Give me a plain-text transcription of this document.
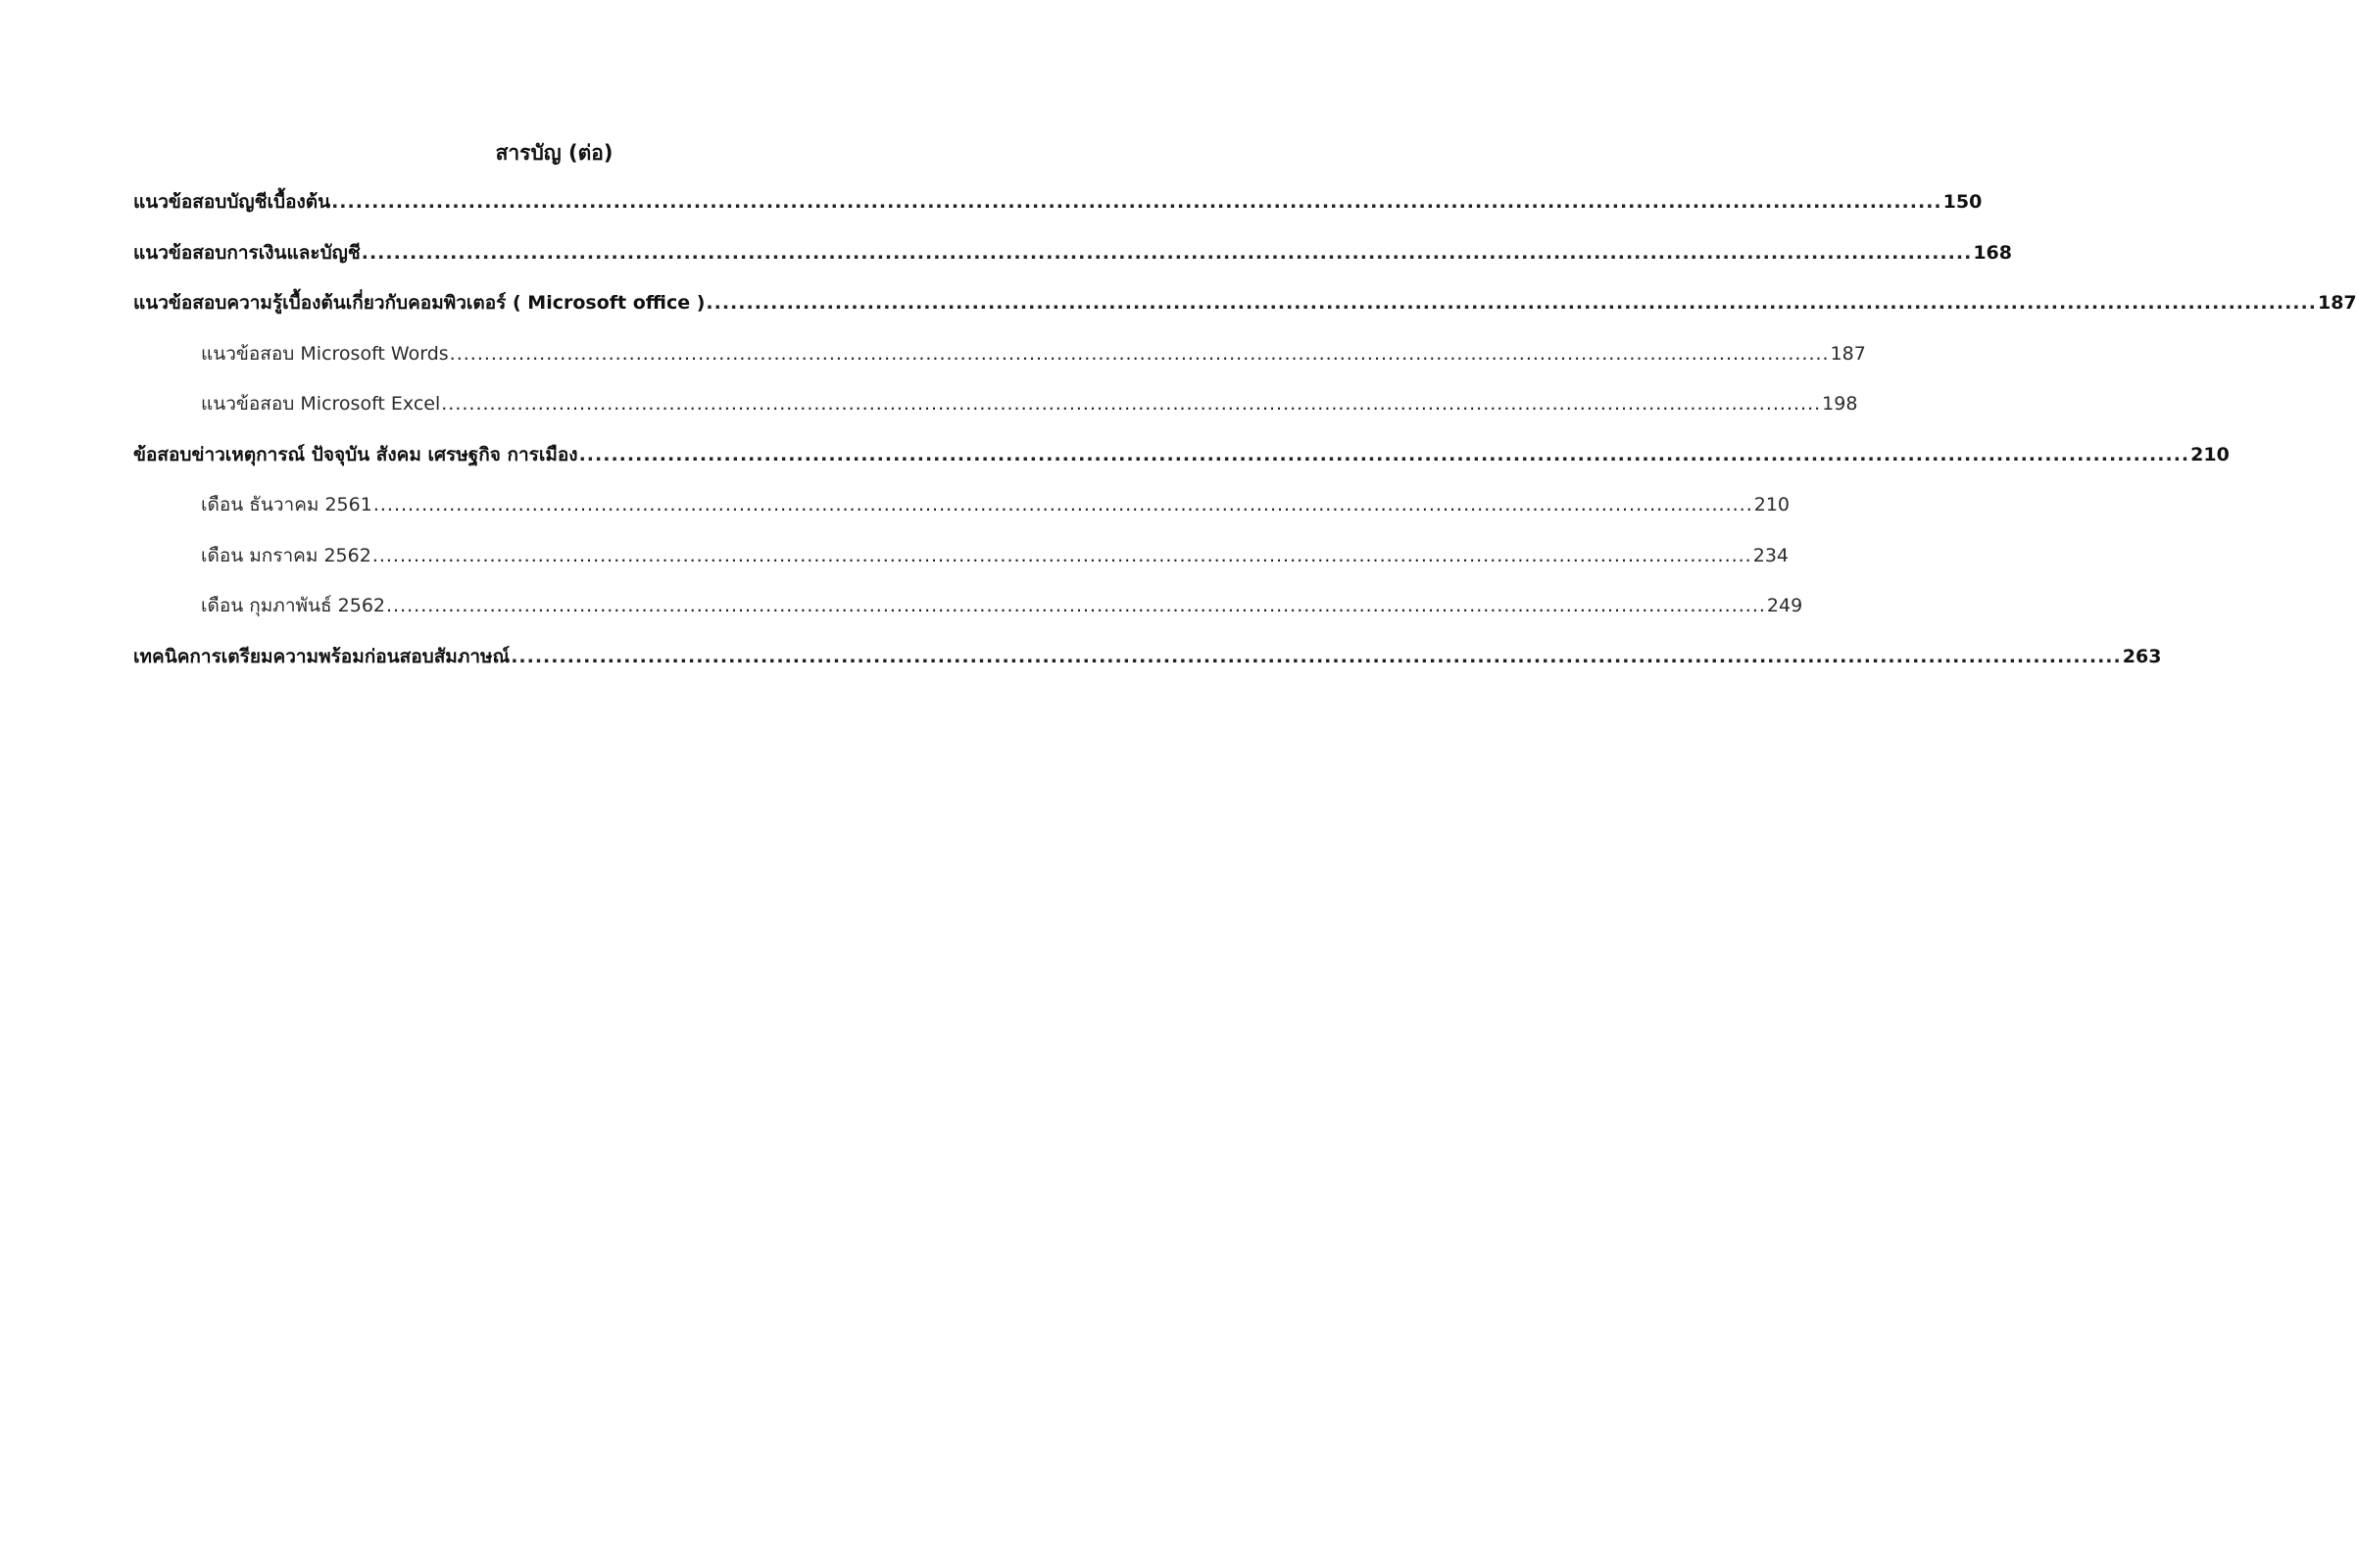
สารบัญ (ต่อ)
แนวข้อสอบบัญชีเบื้องต้น ........................................................................................................................................................................................................ 150
แนวข้อสอบการเงินและบัญชี ........................................................................................................................................................................................................ 168
แนวข้อสอบความรู้เบื้องต้นเกี่ยวกับคอมพิวเตอร์ ( Microsoft office ) ........................................................................................................................................................................................................ 187
แนวข้อสอบ Microsoft Words ........................................................................................................................................................................................................ 187
แนวข้อสอบ Microsoft Excel ........................................................................................................................................................................................................ 198
ข้อสอบข่าวเหตุการณ์ ปัจจุบัน สังคม เศรษฐกิจ การเมือง ........................................................................................................................................................................................................ 210
เดือน ธันวาคม 2561 ........................................................................................................................................................................................................ 210
เดือน มกราคม 2562 ........................................................................................................................................................................................................ 234
เดือน กุมภาพันธ์ 2562 ........................................................................................................................................................................................................ 249
เทคนิคการเตรียมความพร้อมก่อนสอบสัมภาษณ์ ........................................................................................................................................................................................................ 263
